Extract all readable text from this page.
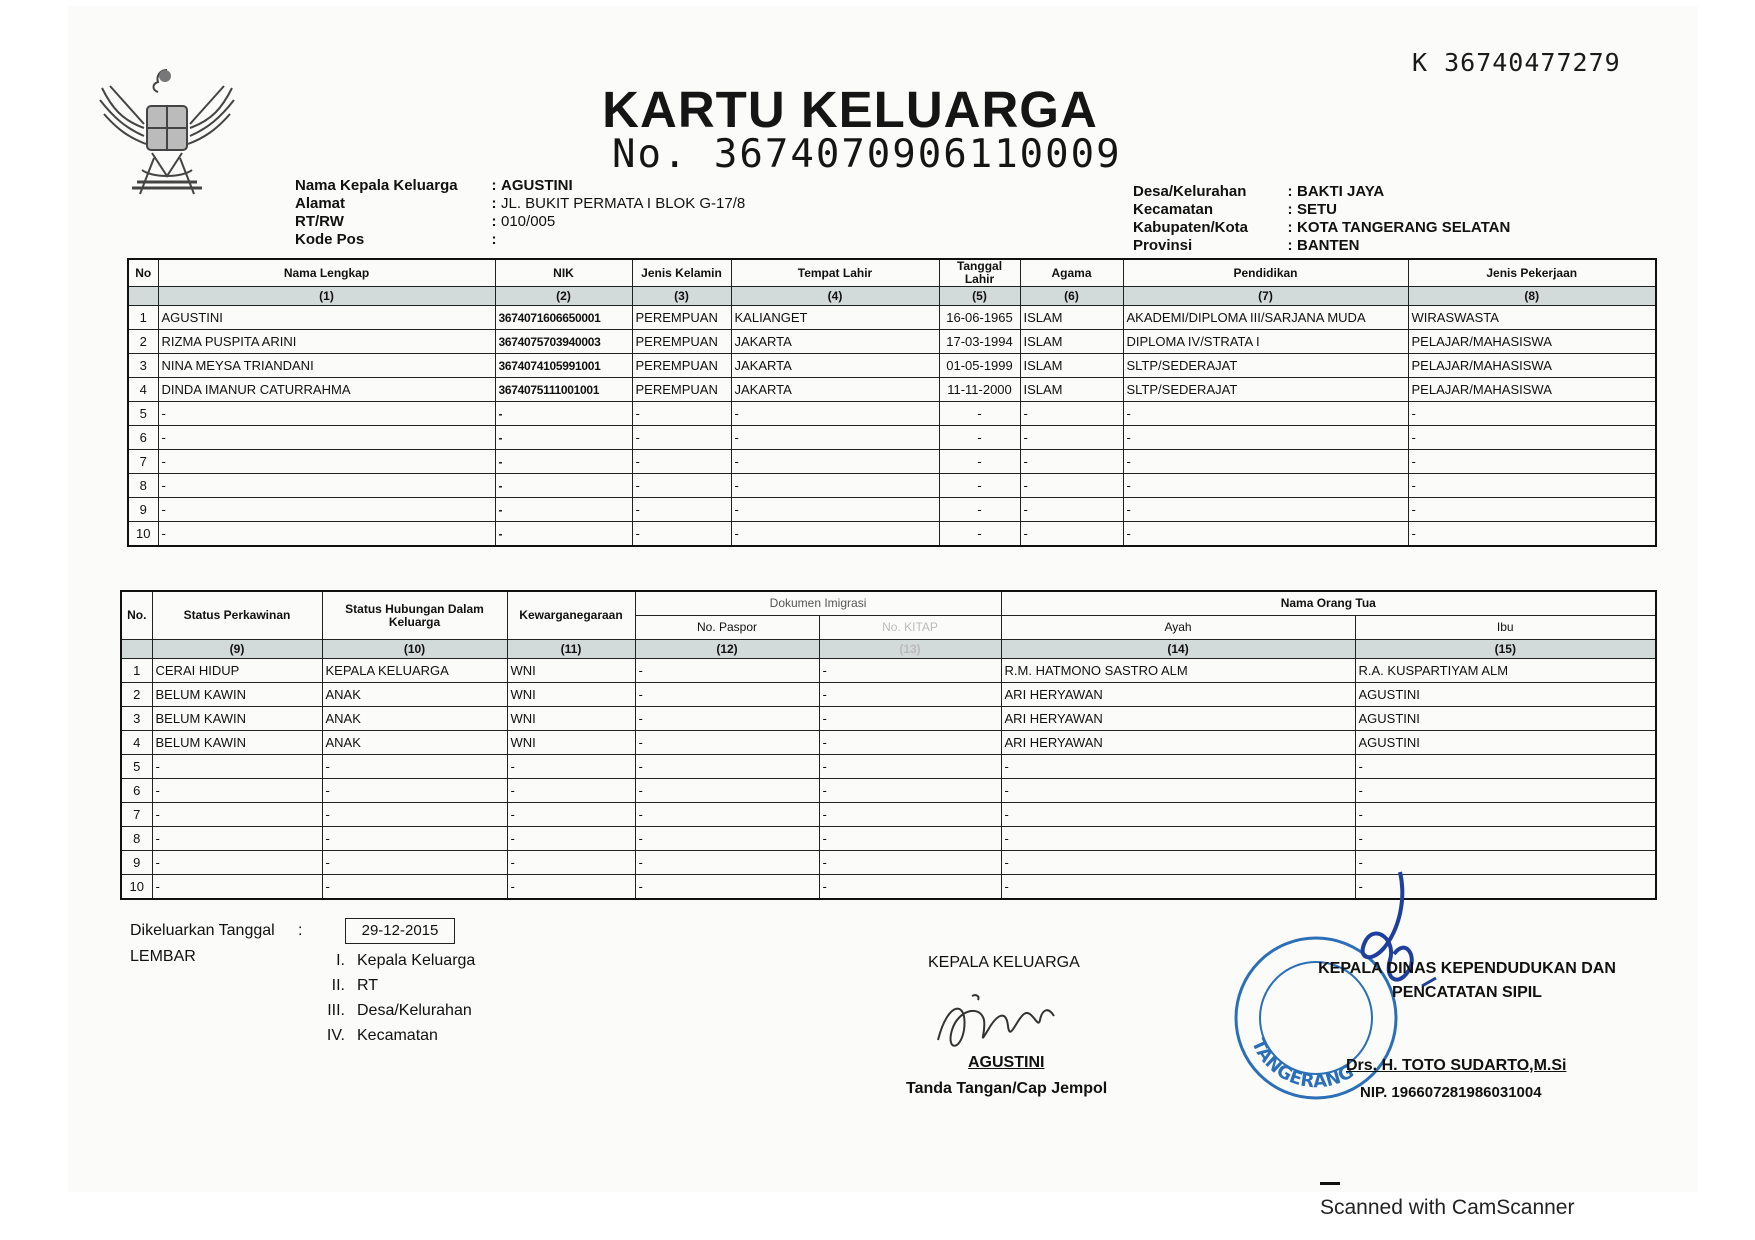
K 36740477279
KARTU KELUARGA
No. 3674070906110009
Nama Kepala Keluarga	: AGUSTINI
Alamat	: JL. BUKIT PERMATA I BLOK G-17/8
RT/RW	: 010/005
Kode Pos	:
Desa/Kelurahan	: BAKTI JAYA
Kecamatan	: SETU
Kabupaten/Kota	: KOTA TANGERANG SELATAN
Provinsi	: BANTEN
No	Nama Lengkap	NIK	Jenis Kelamin	Tempat Lahir	Tanggal Lahir	Agama	Pendidikan	Jenis Pekerjaan
	(1)	(2)	(3)	(4)	(5)	(6)	(7)	(8)
1	AGUSTINI	3674071606650001	PEREMPUAN	KALIANGET	16-06-1965	ISLAM	AKADEMI/DIPLOMA III/SARJANA MUDA	WIRASWASTA
2	RIZMA PUSPITA ARINI	3674075703940003	PEREMPUAN	JAKARTA	17-03-1994	ISLAM	DIPLOMA IV/STRATA I	PELAJAR/MAHASISWA
3	NINA MEYSA TRIANDANI	3674074105991001	PEREMPUAN	JAKARTA	01-05-1999	ISLAM	SLTP/SEDERAJAT	PELAJAR/MAHASISWA
4	DINDA IMANUR CATURRAHMA	3674075111001001	PEREMPUAN	JAKARTA	11-11-2000	ISLAM	SLTP/SEDERAJAT	PELAJAR/MAHASISWA
5	-	-	-	-	-	-	-	-
6	-	-	-	-	-	-	-	-
7	-	-	-	-	-	-	-	-
8	-	-	-	-	-	-	-	-
9	-	-	-	-	-	-	-	-
10	-	-	-	-	-	-	-	-
No.	Status Perkawinan	Status Hubungan Dalam Keluarga	Kewarganegaraan	Dokumen Imigrasi		Nama Orang Tua	
				No. Paspor	No. KITAP	Ayah	Ibu
	(9)	(10)	(11)	(12)	(13)	(14)	(15)
1	CERAI HIDUP	KEPALA KELUARGA	WNI	-	-	R.M. HATMONO SASTRO ALM	R.A. KUSPARTIYAM ALM
2	BELUM KAWIN	ANAK	WNI	-	-	ARI HERYAWAN	AGUSTINI
3	BELUM KAWIN	ANAK	WNI	-	-	ARI HERYAWAN	AGUSTINI
4	BELUM KAWIN	ANAK	WNI	-	-	ARI HERYAWAN	AGUSTINI
5	-	-	-	-	-	-	-
6	-	-	-	-	-	-	-
7	-	-	-	-	-	-	-
8	-	-	-	-	-	-	-
9	-	-	-	-	-	-	-
10	-	-	-	-	-	-	-
Dikeluarkan Tanggal :	29-12-2015
LEMBAR	I. Kepala Keluarga
II. RT
III. Desa/Kelurahan
IV. Kecamatan
KEPALA KELUARGA
AGUSTINI
Tanda Tangan/Cap Jempol
TANGERANG
KEPALA DINAS KEPENDUDUKAN DAN
PENCATATAN SIPIL
Drs. H. TOTO SUDARTO,M.Si
NIP. 196607281986031004
Scanned with CamScanner
